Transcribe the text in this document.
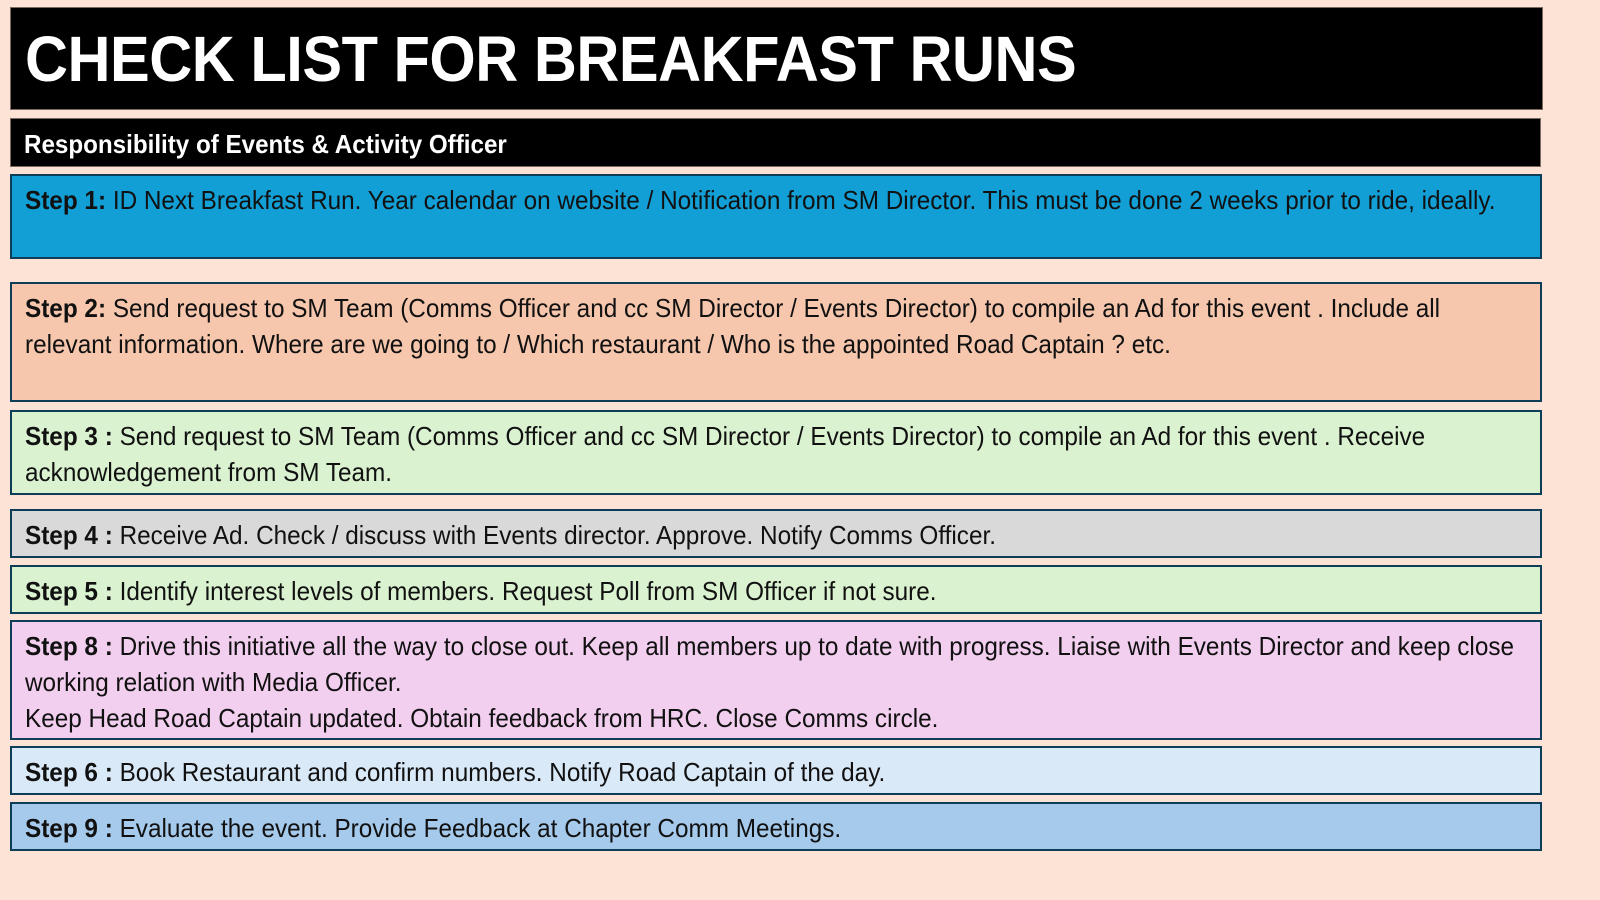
CHECK LIST FOR BREAKFAST RUNS
Responsibility of Events & Activity Officer
Step 1: ID Next Breakfast Run. Year calendar on website / Notification from SM Director. This must be done 2 weeks prior to ride, ideally.
Step 2: Send request to SM Team (Comms Officer and cc SM Director / Events Director) to compile an Ad for this event . Include all relevant information. Where are we going to / Which restaurant / Who is the appointed Road Captain ? etc.
Step 3 : Send request to SM Team (Comms Officer and cc SM Director / Events Director) to compile an Ad for this event . Receive acknowledgement from SM Team.
Step 4 : Receive Ad. Check / discuss with Events director. Approve. Notify Comms Officer.
Step 5 : Identify interest levels of members. Request Poll from SM Officer if not sure.
Step 8 : Drive this initiative all the way to close out. Keep all members up to date with progress. Liaise with Events Director and keep close working relation with Media Officer.
Keep Head Road Captain updated. Obtain feedback from HRC. Close Comms circle.
Step 6 : Book Restaurant and confirm numbers. Notify Road Captain of the day.
Step 9 : Evaluate the event. Provide Feedback at Chapter Comm Meetings.
